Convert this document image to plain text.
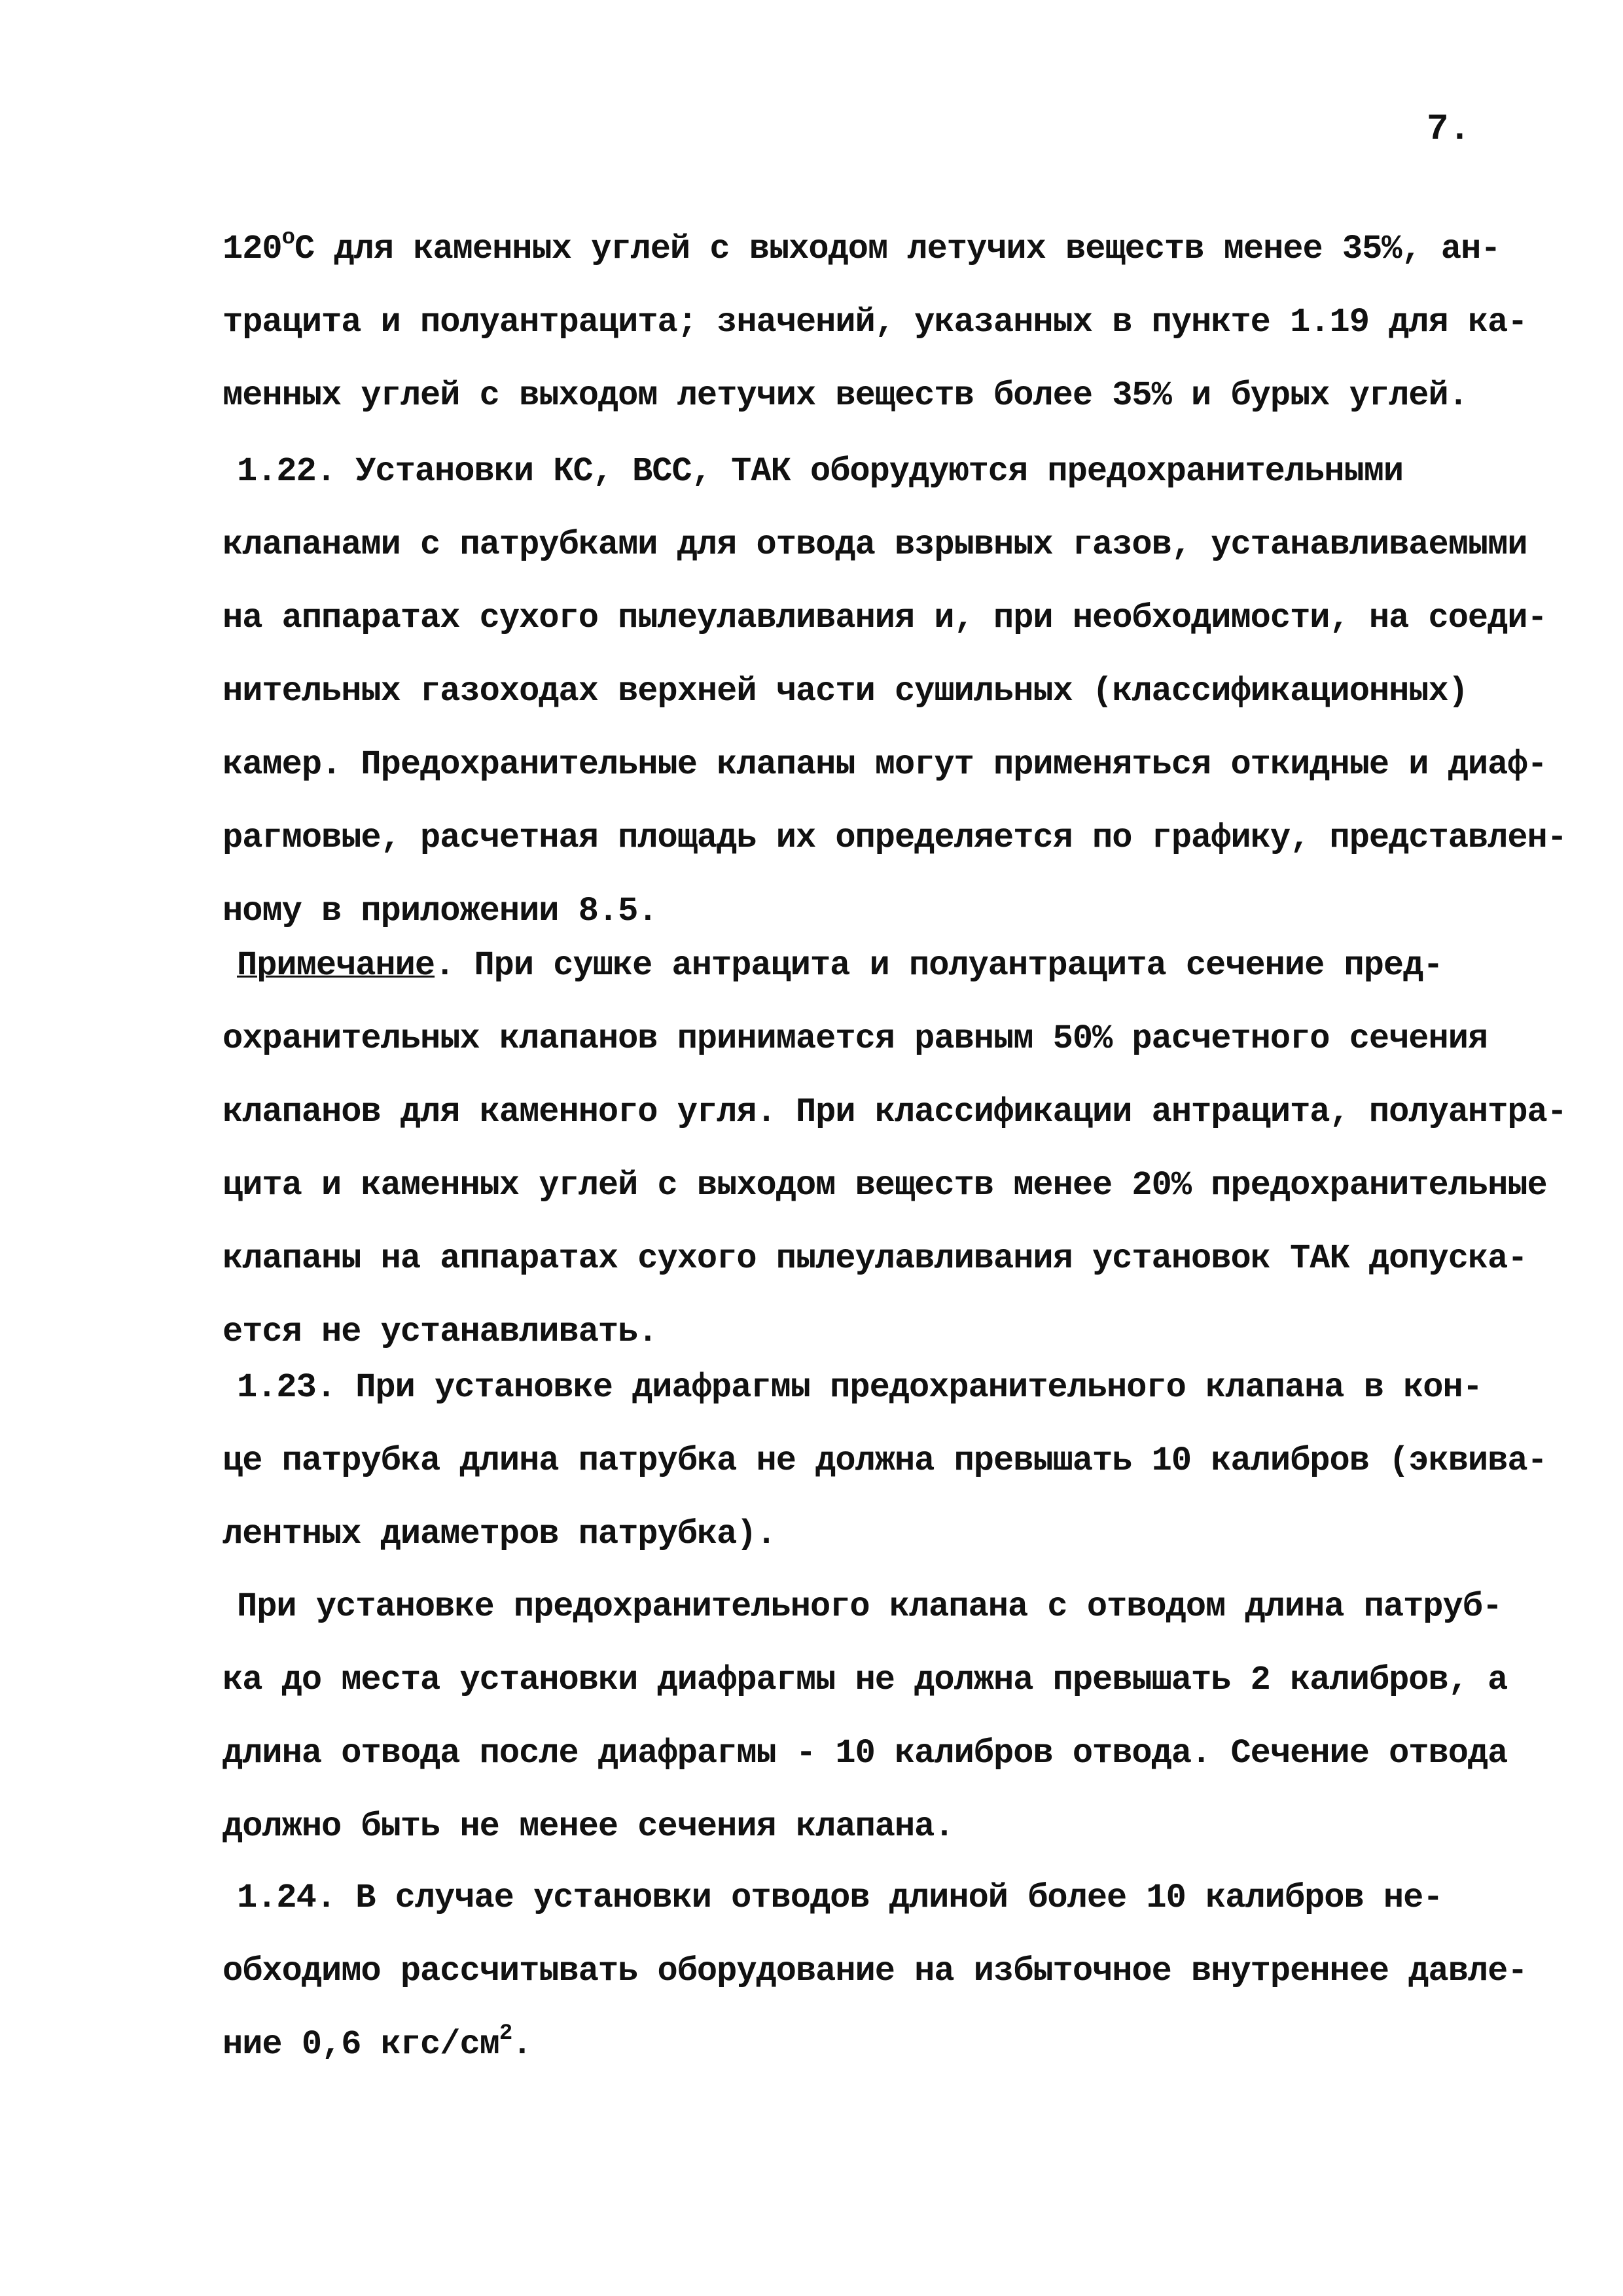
7.
$120^оС$ для каменных углей с выходом летучих веществ менее 35%, ан-
трацита и полуантрацита; значений, указанных в пункте 1.19 для ка-
менных углей с выходом летучих веществ более 35% и бурых углей.
1.22. Установки КС, ВСС, ТАК оборудуются предохранительными
клапанами с патрубками для отвода взрывных газов, устанавливаемыми
на аппаратах сухого пылеулавливания и, при необходимости, на соеди-
нительных газоходах верхней части сушильных (классификационных)
камер. Предохранительные клапаны могут применяться откидные и диаф-
рагмовые, расчетная площадь их определяется по графику, представлен-
ному в приложении 8.5.
Примечание. При сушке антрацита и полуантрацита сечение пред-
охранительных клапанов принимается равным 50% расчетного сечения
клапанов для каменного угля. При классификации антрацита, полуантра-
цита и каменных углей с выходом веществ менее 20% предохранительные
клапаны на аппаратах сухого пылеулавливания установок ТАК допуска-
ется не устанавливать.
1.23. При установке диафрагмы предохранительного клапана в кон-
це патрубка длина патрубка не должна превышать 10 калибров (эквива-
лентных диаметров патрубка).
При установке предохранительного клапана с отводом длина патруб-
ка до места установки диафрагмы не должна превышать 2 калибров, а
длина отвода после диафрагмы - 10 калибров отвода. Сечение отвода
должно быть не менее сечения клапана.
1.24. В случае установки отводов длиной более 10 калибров не-
обходимо рассчитывать оборудование на избыточное внутреннее давле-
ние 0,6 кгс/$см^2$.
